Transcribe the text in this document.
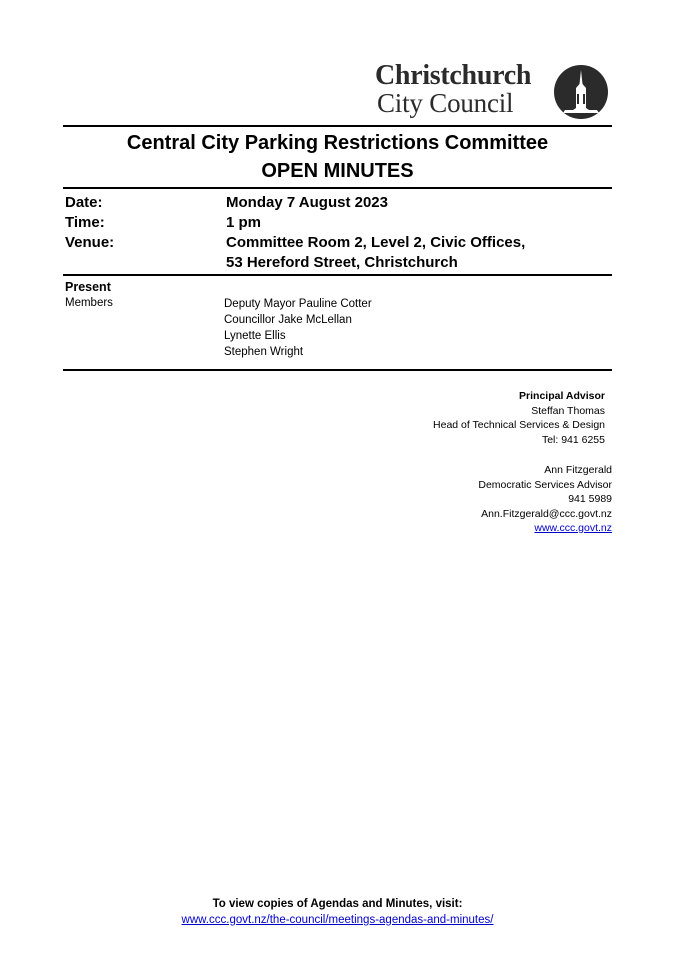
Christchurch
City Council
Central City Parking Restrictions Committee
OPEN MINUTES
Date:	Monday 7 August 2023
Time:	1 pm
Venue:	Committee Room 2, Level 2, Civic Offices,
53 Hereford Street, Christchurch
Present
Members	Deputy Mayor Pauline Cotter
Councillor Jake McLellan
Lynette Ellis
Stephen Wright
Principal Advisor
Steffan Thomas
Head of Technical Services & Design
Tel: 941 6255
Ann Fitzgerald
Democratic Services Advisor
941 5989
Ann.Fitzgerald@ccc.govt.nz
www.ccc.govt.nz
To view copies of Agendas and Minutes, visit:
www.ccc.govt.nz/the-council/meetings-agendas-and-minutes/
